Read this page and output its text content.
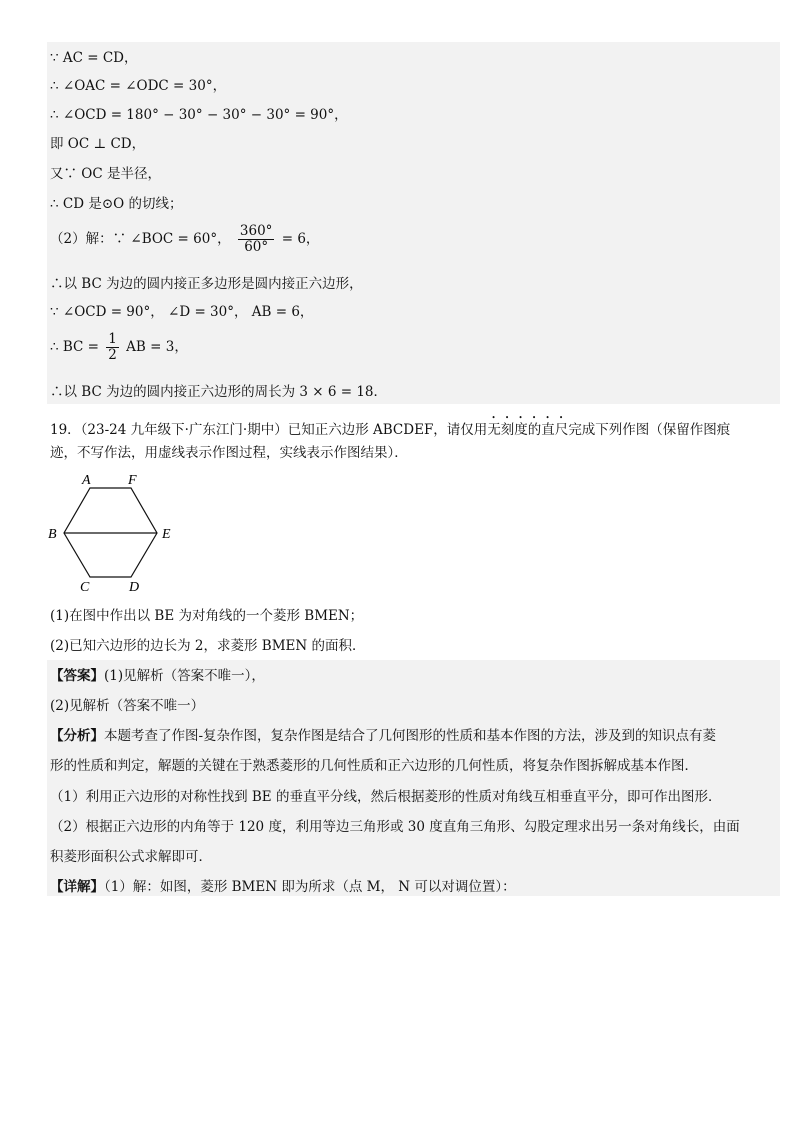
∵ AC = CD，
∴ ∠OAC = ∠ODC = 30°，
∴ ∠OCD = 180° − 30° − 30° − 30° = 90°，
即 OC ⊥ CD，
又∵ OC 是半径，
∴ CD 是⊙O 的切线；
（2）解：∵ ∠BOC = 60°， $\frac{360^\circ}{60^\circ} = 6$，
∴以 BC 为边的圆内接正多边形是圆内接正六边形，
∵ ∠OCD = 90°， ∠D = 30°， AB = 6，
∴ BC = $\frac{1}{2}$ AB = 3，
∴以 BC 为边的圆内接正六边形的周长为 3 × 6 = 18．
19．（23-24 九年级下·广东江门·期中）已知正六边形 ABCDEF，请仅用无刻度的直尺完成下列作图（保留作图痕
迹，不写作法，用虚线表示作图过程，实线表示作图结果）．
A	F
B	E
C	D
(1)在图中作出以 BE 为对角线的一个菱形 BMEN；
(2)已知六边形的边长为 2，求菱形 BMEN 的面积．
【答案】(1)见解析（答案不唯一），
(2)见解析（答案不唯一）
【分析】本题考查了作图-复杂作图，复杂作图是结合了几何图形的性质和基本作图的方法，涉及到的知识点有菱
形的性质和判定，解题的关键在于熟悉菱形的几何性质和正六边形的几何性质，将复杂作图拆解成基本作图．
（1）利用正六边形的对称性找到 BE 的垂直平分线，然后根据菱形的性质对角线互相垂直平分，即可作出图形．
（2）根据正六边形的内角等于 120 度，利用等边三角形或 30 度直角三角形、勾股定理求出另一条对角线长，由面
积菱形面积公式求解即可．
【详解】（1）解：如图，菱形 BMEN 即为所求（点 M， N 可以对调位置）：
